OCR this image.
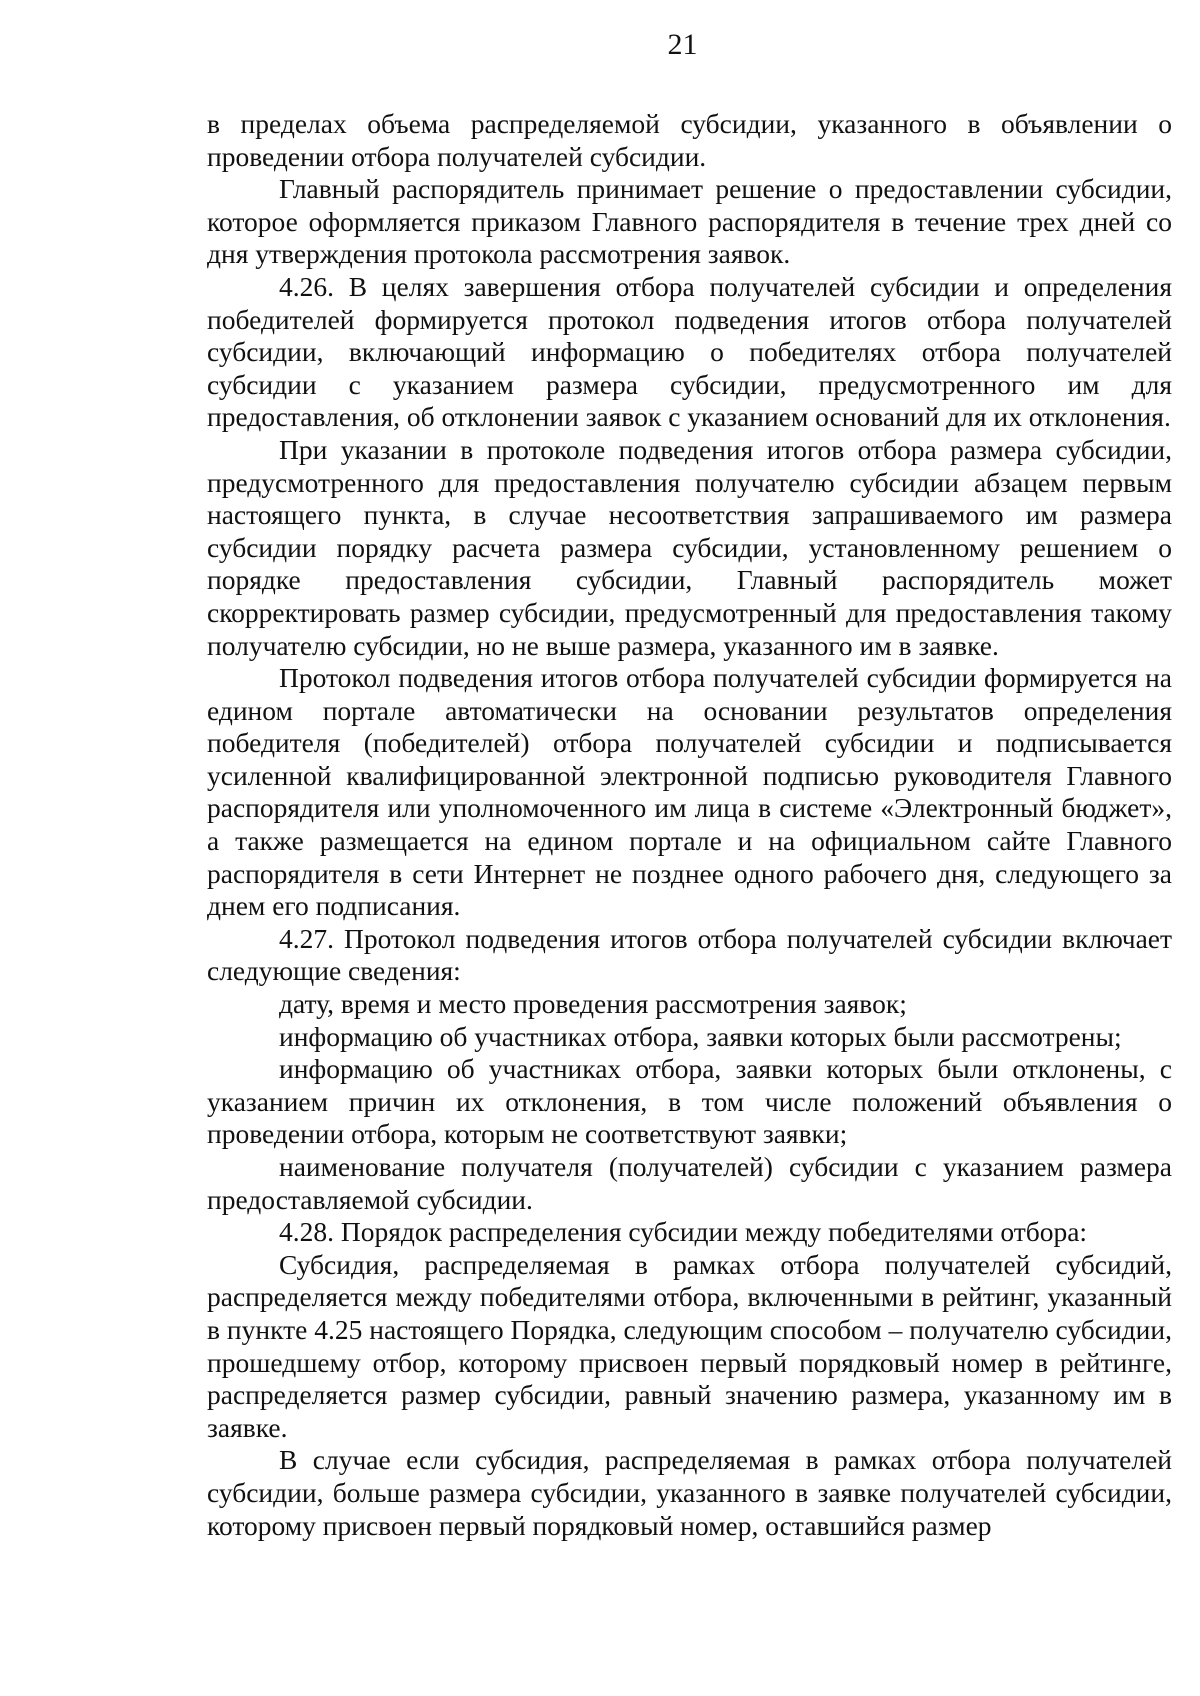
21

в пределах объема распределяемой субсидии, указанного в объявлении о проведении отбора получателей субсидии.

Главный распорядитель принимает решение о предоставлении субсидии, которое оформляется приказом Главного распорядителя в течение трех дней со дня утверждения протокола рассмотрения заявок.

4.26. В целях завершения отбора получателей субсидии и определения победителей формируется протокол подведения итогов отбора получателей субсидии, включающий информацию о победителях отбора получателей субсидии с указанием размера субсидии, предусмотренного им для предоставления, об отклонении заявок с указанием оснований для их отклонения.

При указании в протоколе подведения итогов отбора размера субсидии, предусмотренного для предоставления получателю субсидии абзацем первым настоящего пункта, в случае несоответствия запрашиваемого им размера субсидии порядку расчета размера субсидии, установленному решением о порядке предоставления субсидии, Главный распорядитель может скорректировать размер субсидии, предусмотренный для предоставления такому получателю субсидии, но не выше размера, указанного им в заявке.

Протокол подведения итогов отбора получателей субсидии формируется на едином портале автоматически на основании результатов определения победителя (победителей) отбора получателей субсидии и подписывается усиленной квалифицированной электронной подписью руководителя Главного распорядителя или уполномоченного им лица в системе «Электронный бюджет», а также размещается на едином портале и на официальном сайте Главного распорядителя в сети Интернет не позднее одного рабочего дня, следующего за днем его подписания.

4.27. Протокол подведения итогов отбора получателей субсидии включает следующие сведения:

дату, время и место проведения рассмотрения заявок;

информацию об участниках отбора, заявки которых были рассмотрены;

информацию об участниках отбора, заявки которых были отклонены, с указанием причин их отклонения, в том числе положений объявления о проведении отбора, которым не соответствуют заявки;

наименование получателя (получателей) субсидии с указанием размера предоставляемой субсидии.

4.28. Порядок распределения субсидии между победителями отбора:

Субсидия, распределяемая в рамках отбора получателей субсидий, распределяется между победителями отбора, включенными в рейтинг, указанный в пункте 4.25 настоящего Порядка, следующим способом – получателю субсидии, прошедшему отбор, которому присвоен первый порядковый номер в рейтинге, распределяется размер субсидии, равный значению размера, указанному им в заявке.

В случае если субсидия, распределяемая в рамках отбора получателей субсидии, больше размера субсидии, указанного в заявке получателей субсидии, которому присвоен первый порядковый номер, оставшийся размер
